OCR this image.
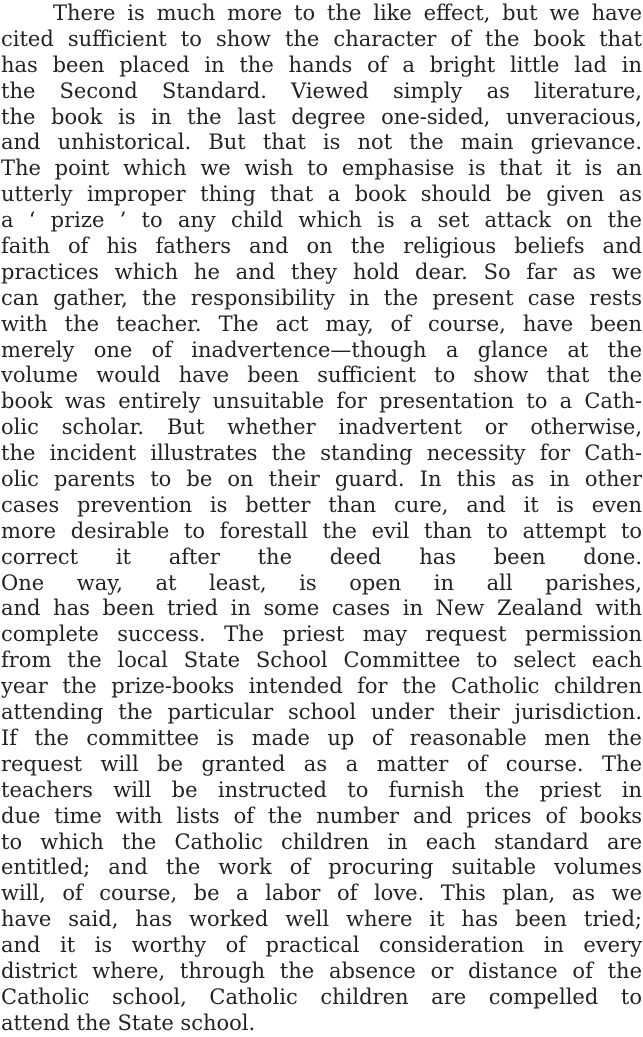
There is much more to the like effect, but we have
cited sufficient to show the character of the book that
has been placed in the hands of a bright little lad in
the Second Standard. Viewed simply as literature,
the book is in the last degree one-sided, unveracious,
and unhistorical. But that is not the main grievance.
The point which we wish to emphasise is that it is an
utterly improper thing that a book should be given as
a ‘ prize ’ to any child which is a set attack on the
faith of his fathers and on the religious beliefs and
practices which he and they hold dear. So far as we
can gather, the responsibility in the present case rests
with the teacher. The act may, of course, have been
merely one of inadvertence—though a glance at the
volume would have been sufficient to show that the
book was entirely unsuitable for presentation to a Cath-
olic scholar. But whether inadvertent or otherwise,
the incident illustrates the standing necessity for Cath-
olic parents to be on their guard. In this as in other
cases prevention is better than cure, and it is even
more desirable to forestall the evil than to attempt to
correct it after the deed has been done.
One way, at least, is open in all parishes,
and has been tried in some cases in New Zealand with
complete success. The priest may request permission
from the local State School Committee to select each
year the prize-books intended for the Catholic children
attending the particular school under their jurisdiction.
If the committee is made up of reasonable men the
request will be granted as a matter of course. The
teachers will be instructed to furnish the priest in
due time with lists of the number and prices of books
to which the Catholic children in each standard are
entitled; and the work of procuring suitable volumes
will, of course, be a labor of love. This plan, as we
have said, has worked well where it has been tried;
and it is worthy of practical consideration in every
district where, through the absence or distance of the
Catholic school, Catholic children are compelled to
attend the State school.
